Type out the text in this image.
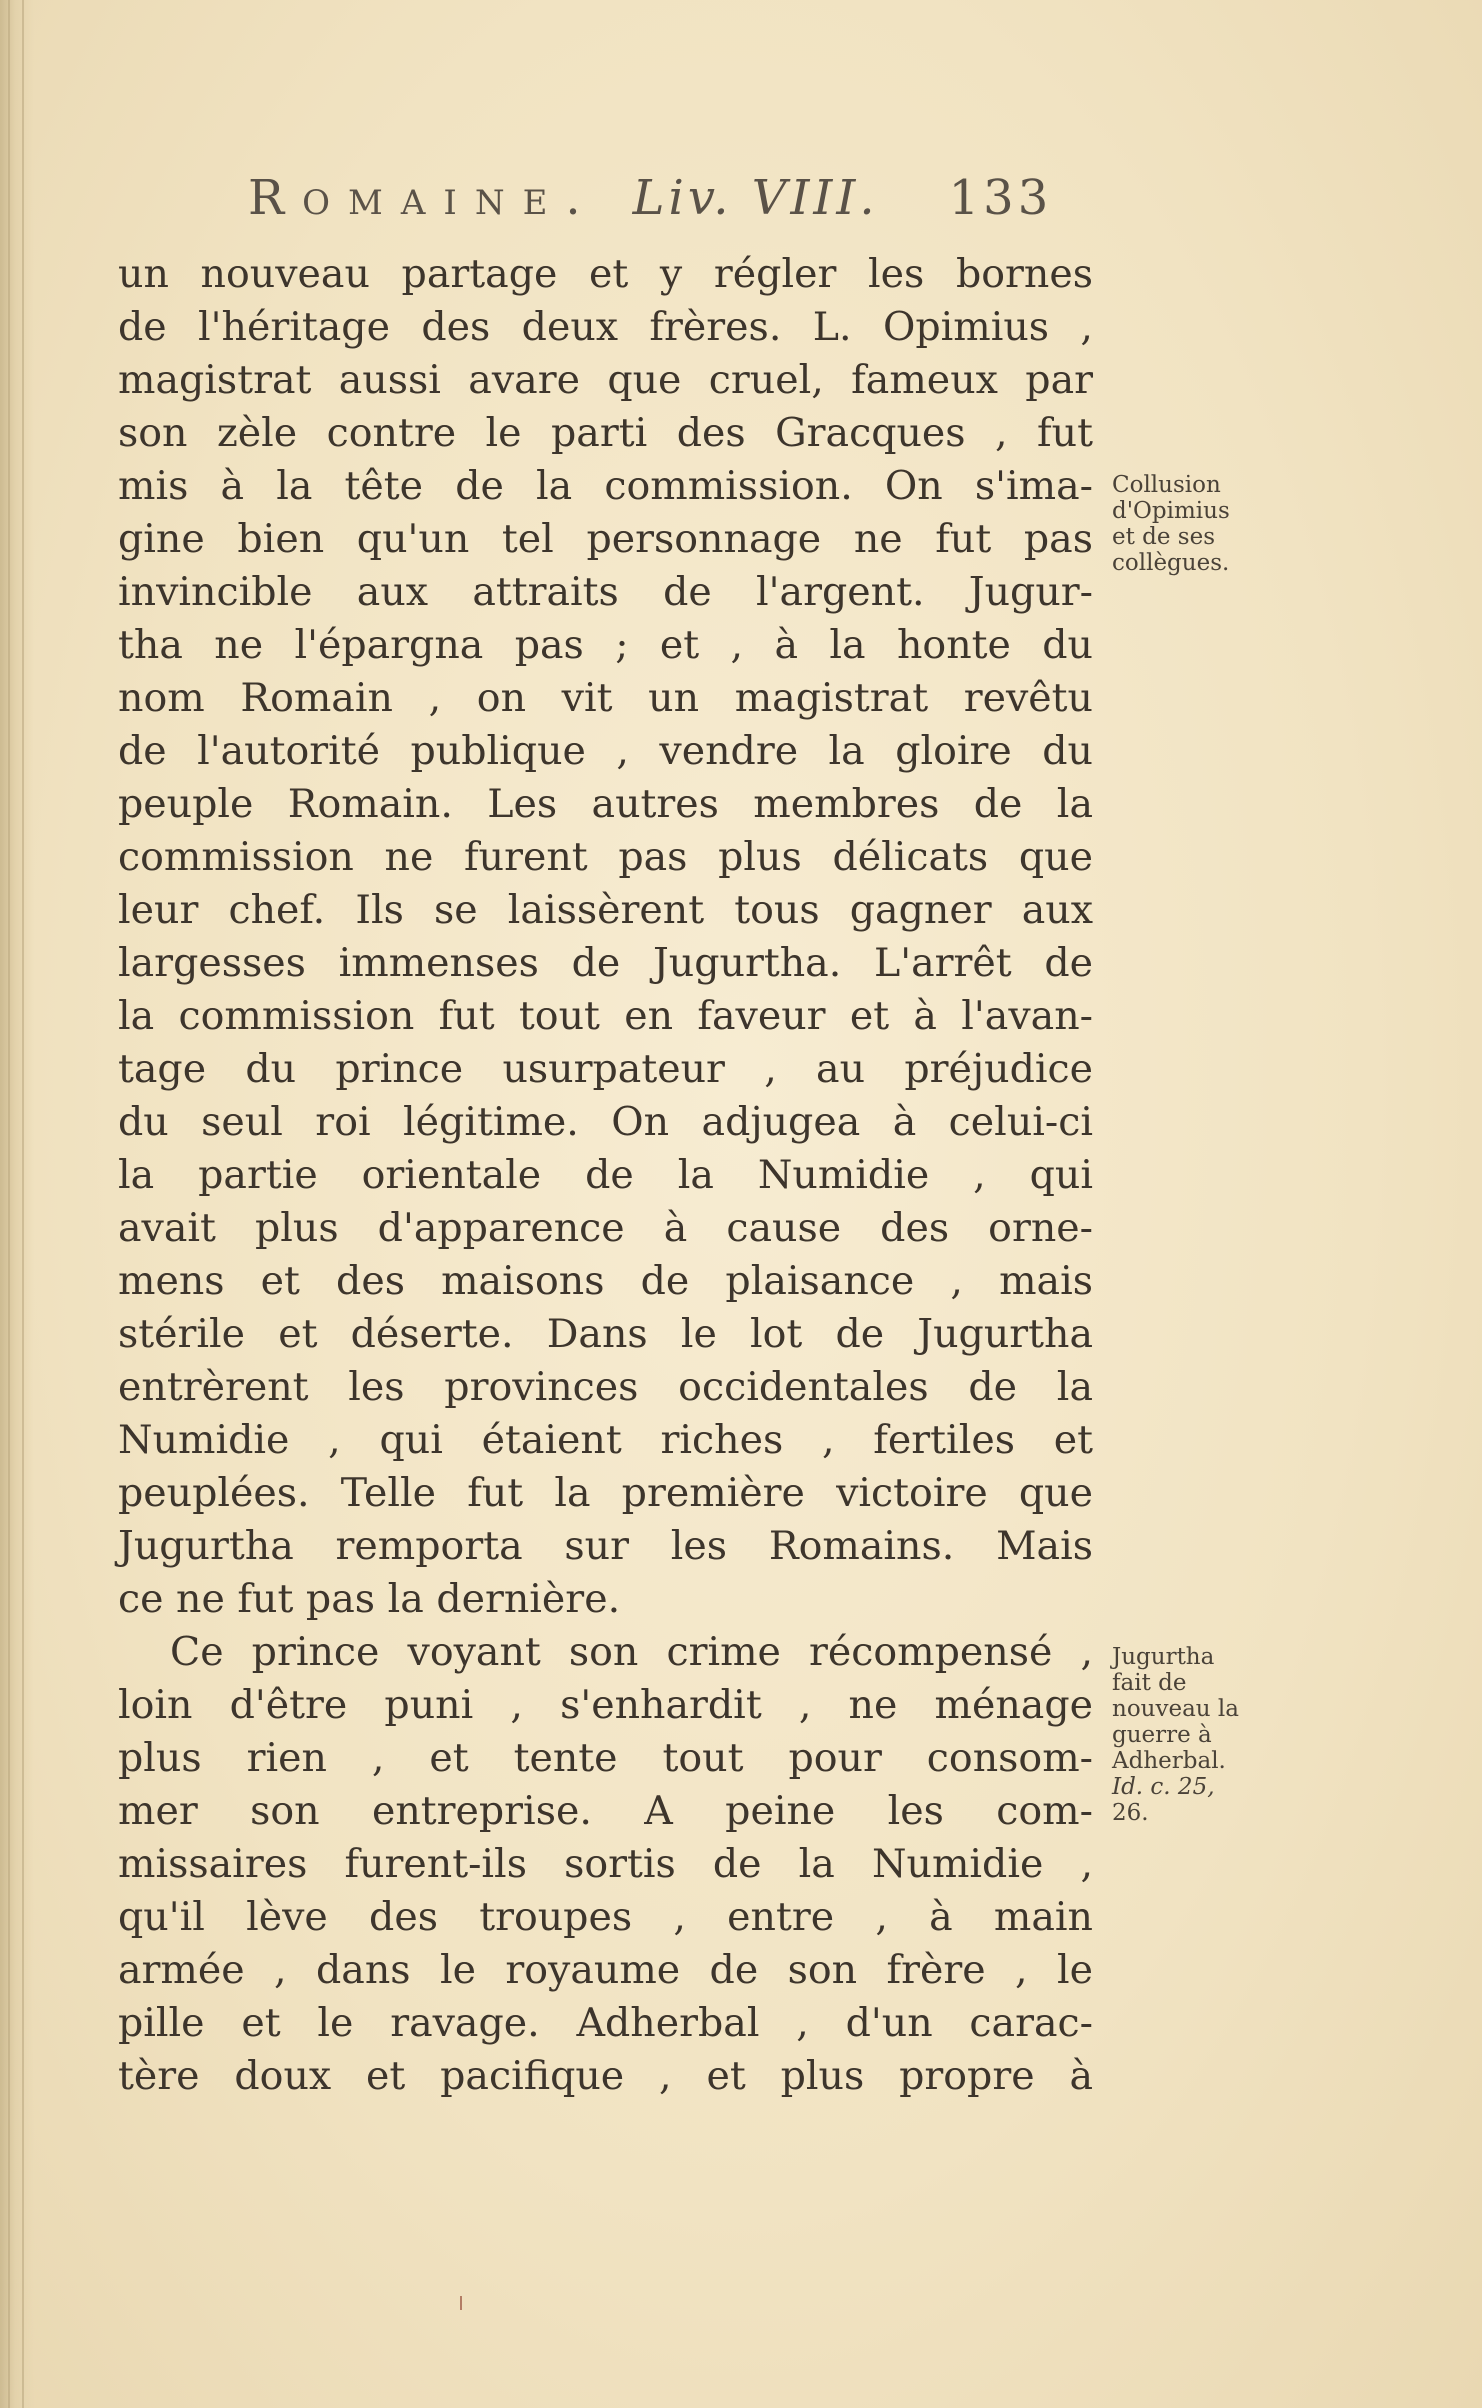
Romaine. Liv. VIII. 133
un nouveau partage et y régler les bornes
de l'héritage des deux frères. L. Opimius ,
magistrat aussi avare que cruel, fameux par
son zèle contre le parti des Gracques , fut
mis à la tête de la commission. On s'ima-
gine bien qu'un tel personnage ne fut pas
invincible aux attraits de l'argent. Jugur-
tha ne l'épargna pas ; et , à la honte du
nom Romain , on vit un magistrat revêtu
de l'autorité publique , vendre la gloire du
peuple Romain. Les autres membres de la
commission ne furent pas plus délicats que
leur chef. Ils se laissèrent tous gagner aux
largesses immenses de Jugurtha. L'arrêt de
la commission fut tout en faveur et à l'avan-
tage du prince usurpateur , au préjudice
du seul roi légitime. On adjugea à celui-ci
la partie orientale de la Numidie , qui
avait plus d'apparence à cause des orne-
mens et des maisons de plaisance , mais
stérile et déserte. Dans le lot de Jugurtha
entrèrent les provinces occidentales de la
Numidie , qui étaient riches , fertiles et
peuplées. Telle fut la première victoire que
Jugurtha remporta sur les Romains. Mais
ce ne fut pas la dernière.
Ce prince voyant son crime récompensé ,
loin d'être puni , s'enhardit , ne ménage
plus rien , et tente tout pour consom-
mer son entreprise. A peine les com-
missaires furent-ils sortis de la Numidie ,
qu'il lève des troupes , entre , à main
armée , dans le royaume de son frère , le
pille et le ravage. Adherbal , d'un carac-
tère doux et pacifique , et plus propre à
Collusion
d'Opimius
et de ses
collègues.
Jugurtha
fait de
nouveau la
guerre à
Adherbal.
Id. c. 25,
26.
